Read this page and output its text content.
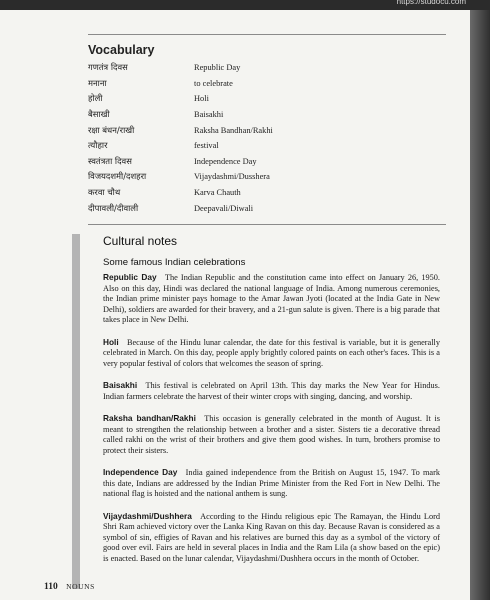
https://studocu.com
Vocabulary
गणतंत्र दिवस	Republic Day
मनाना	to celebrate
होली	Holi
बैसाखी	Baisakhi
रक्षा बंधन/राखी	Raksha Bandhan/Rakhi
त्यौहार	festival
स्वतंत्रता दिवस	Independence Day
विजयदशमी/दशहरा	Vijaydashmi/Dusshera
करवा चौथ	Karva Chauth
दीपावली/दीवाली	Deepavali/Diwali
Cultural notes
Some famous Indian celebrations

Republic Day  The Indian Republic and the constitution came into effect on January 26, 1950. Also on this day, Hindi was declared the national language of India. Among numerous ceremonies, the Indian prime minister pays homage to the Amar Jawan Jyoti (located at the India Gate in New Delhi), soldiers are awarded for their bravery, and a 21-gun salute is given. There is a big parade that takes place in New Delhi.

Holi  Because of the Hindu lunar calendar, the date for this festival is variable, but it is generally celebrated in March. On this day, people apply brightly colored paints on each other's faces. This is a very popular festival of colors that welcomes the season of spring.

Baisakhi  This festival is celebrated on April 13th. This day marks the New Year for Hindus. Indian farmers celebrate the harvest of their winter crops with singing, dancing, and worship.

Raksha bandhan/Rakhi  This occasion is generally celebrated in the month of August. It is meant to strengthen the relationship between a brother and a sister. Sisters tie a decorative thread called rakhi on the wrist of their brothers and give them good wishes. In turn, brothers promise to protect their sisters.

Independence Day  India gained independence from the British on August 15, 1947. To mark this date, Indians are addressed by the Indian Prime Minister from the Red Fort in New Delhi. The national flag is hoisted and the national anthem is sung.

Vijaydashmi/Dushhera  According to the Hindu religious epic The Ramayan, the Hindu Lord Shri Ram achieved victory over the Lanka King Ravan on this day. Because Ravan is considered as a symbol of sin, effigies of Ravan and his relatives are burned this day as a symbol of the victory of good over evil. Fairs are held in several places in India and the Ram Lila (a show based on the epic) is enacted. Based on the lunar calendar, Vijaydashmi/Dushhera occurs in the month of October.

110 NOUNS
